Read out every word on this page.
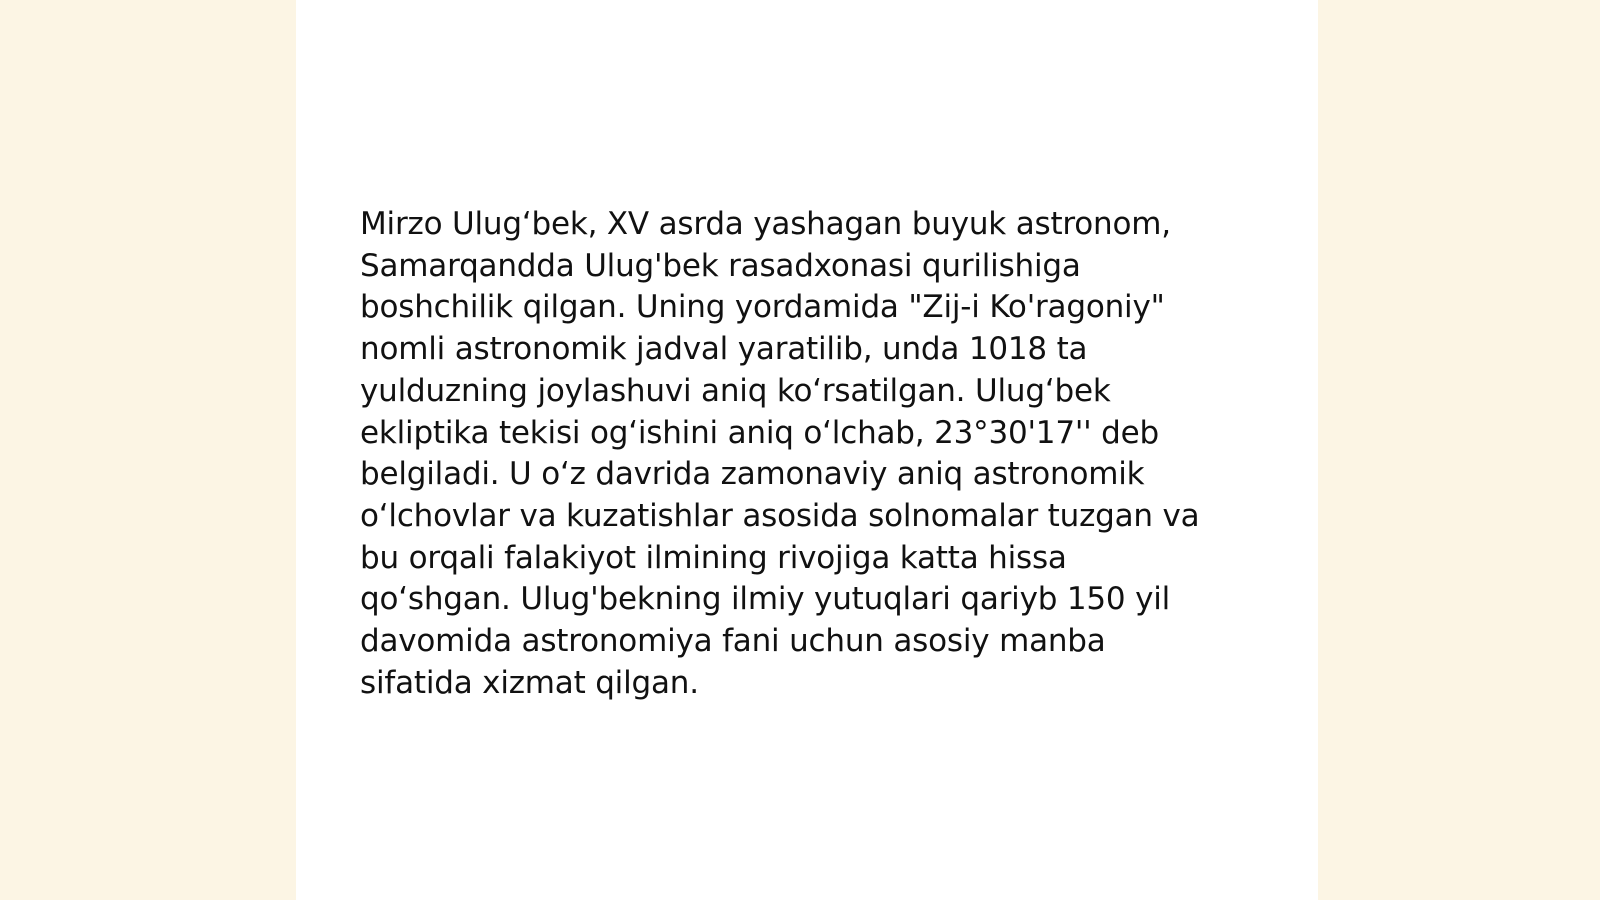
Mirzo Ulug‘bek, XV asrda yashagan buyuk astronom,
Samarqandda Ulug'bek rasadxonasi qurilishiga
boshchilik qilgan. Uning yordamida "Zij-i Ko'ragoniy"
nomli astronomik jadval yaratilib, unda 1018 ta
yulduzning joylashuvi aniq koʻrsatilgan. Ulug‘bek
ekliptika tekisi ogʻishini aniq oʻlchab, 23°30'17'' deb
belgiladi. U oʻz davrida zamonaviy aniq astronomik
oʻlchovlar va kuzatishlar asosida solnomalar tuzgan va
bu orqali falakiyot ilmining rivojiga katta hissa
qoʻshgan. Ulug'bekning ilmiy yutuqlari qariyb 150 yil
davomida astronomiya fani uchun asosiy manba
sifatida xizmat qilgan.
